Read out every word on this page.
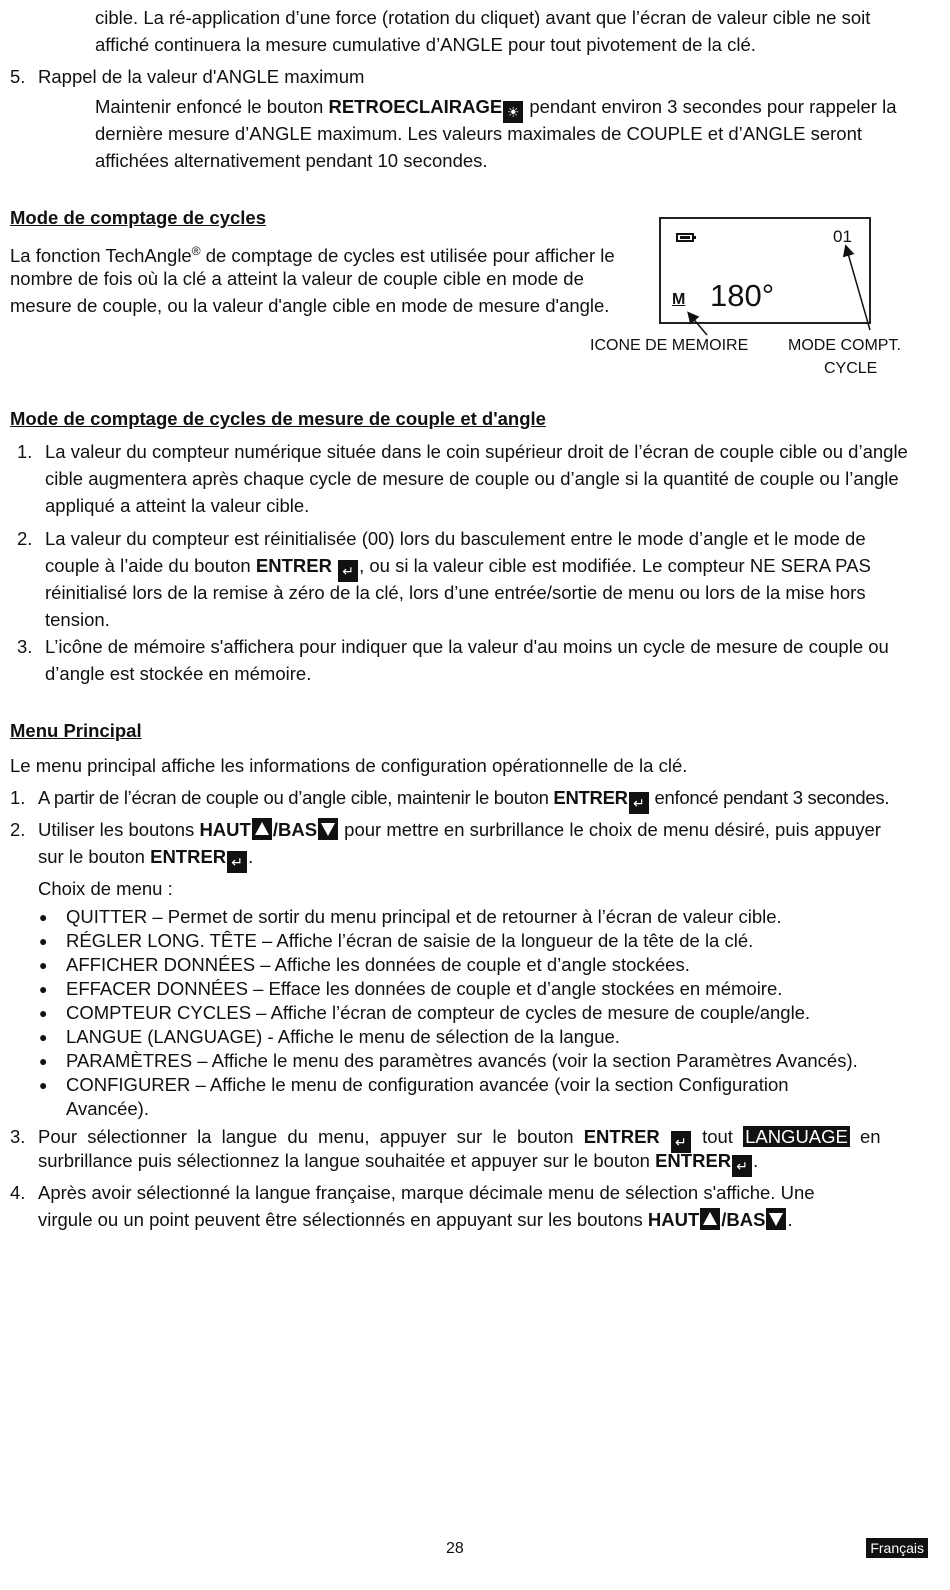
cible. La ré-application d’une force (rotation du cliquet) avant que l’écran de valeur cible ne soit
affiché continuera la mesure cumulative d’ANGLE pour tout pivotement de la clé.
5. Rappel de la valeur d'ANGLE maximum
Maintenir enfoncé le bouton RETROECLAIRAGE ☀ pendant environ 3 secondes pour rappeler la
dernière mesure d’ANGLE maximum. Les valeurs maximales de COUPLE et d’ANGLE seront
affichées alternativement pendant 10 secondes.
Mode de comptage de cycles
La fonction TechAngle® de comptage de cycles est utilisée pour afficher le
nombre de fois où la clé a atteint la valeur de couple cible en mode de
mesure de couple, ou la valeur d'angle cible en mode de mesure d'angle.
01
M 180°
ICONE DE MEMOIRE MODE COMPT.
CYCLE
Mode de comptage de cycles de mesure de couple et d'angle
1. La valeur du compteur numérique située dans le coin supérieur droit de l’écran de couple cible ou d’angle
cible augmentera après chaque cycle de mesure de couple ou d’angle si la quantité de couple ou l’angle
appliqué a atteint la valeur cible.
2. La valeur du compteur est réinitialisée (00) lors du basculement entre le mode d’angle et le mode de
couple à l’aide du bouton ENTRER ↵ , ou si la valeur cible est modifiée. Le compteur NE SERA PAS
réinitialisé lors de la remise à zéro de la clé, lors d’une entrée/sortie de menu ou lors de la mise hors
tension.
3. L’icône de mémoire s'affichera pour indiquer que la valeur d'au moins un cycle de mesure de couple ou
d’angle est stockée en mémoire.
Menu Principal
Le menu principal affiche les informations de configuration opérationnelle de la clé.
1. A partir de l’écran de couple ou d’angle cible, maintenir le bouton ENTRER ↵ enfoncé pendant 3 secondes.
2. Utiliser les boutons HAUT /BAS pour mettre en surbrillance le choix de menu désiré, puis appuyer
sur le bouton ENTRER ↵ .
Choix de menu :
● QUITTER – Permet de sortir du menu principal et de retourner à l’écran de valeur cible.
● RÉGLER LONG. TÊTE – Affiche l’écran de saisie de la longueur de la tête de la clé.
● AFFICHER DONNÉES – Affiche les données de couple et d’angle stockées.
● EFFACER DONNÉES – Efface les données de couple et d’angle stockées en mémoire.
● COMPTEUR CYCLES – Affiche l’écran de compteur de cycles de mesure de couple/angle.
● LANGUE (LANGUAGE) - Affiche le menu de sélection de la langue.
● PARAMÈTRES – Affiche le menu des paramètres avancés (voir la section Paramètres Avancés).
● CONFIGURER – Affiche le menu de configuration avancée (voir la section Configuration
Avancée).
3. Pour sélectionner la langue du menu, appuyer sur le bouton ENTRER ↵ tout LANGUAGE en
surbrillance puis sélectionnez la langue souhaitée et appuyer sur le bouton ENTRER ↵ .
4. Après avoir sélectionné la langue française, marque décimale menu de sélection s'affiche. Une
virgule ou un point peuvent être sélectionnés en appuyant sur les boutons HAUT /BAS .
28	Français
